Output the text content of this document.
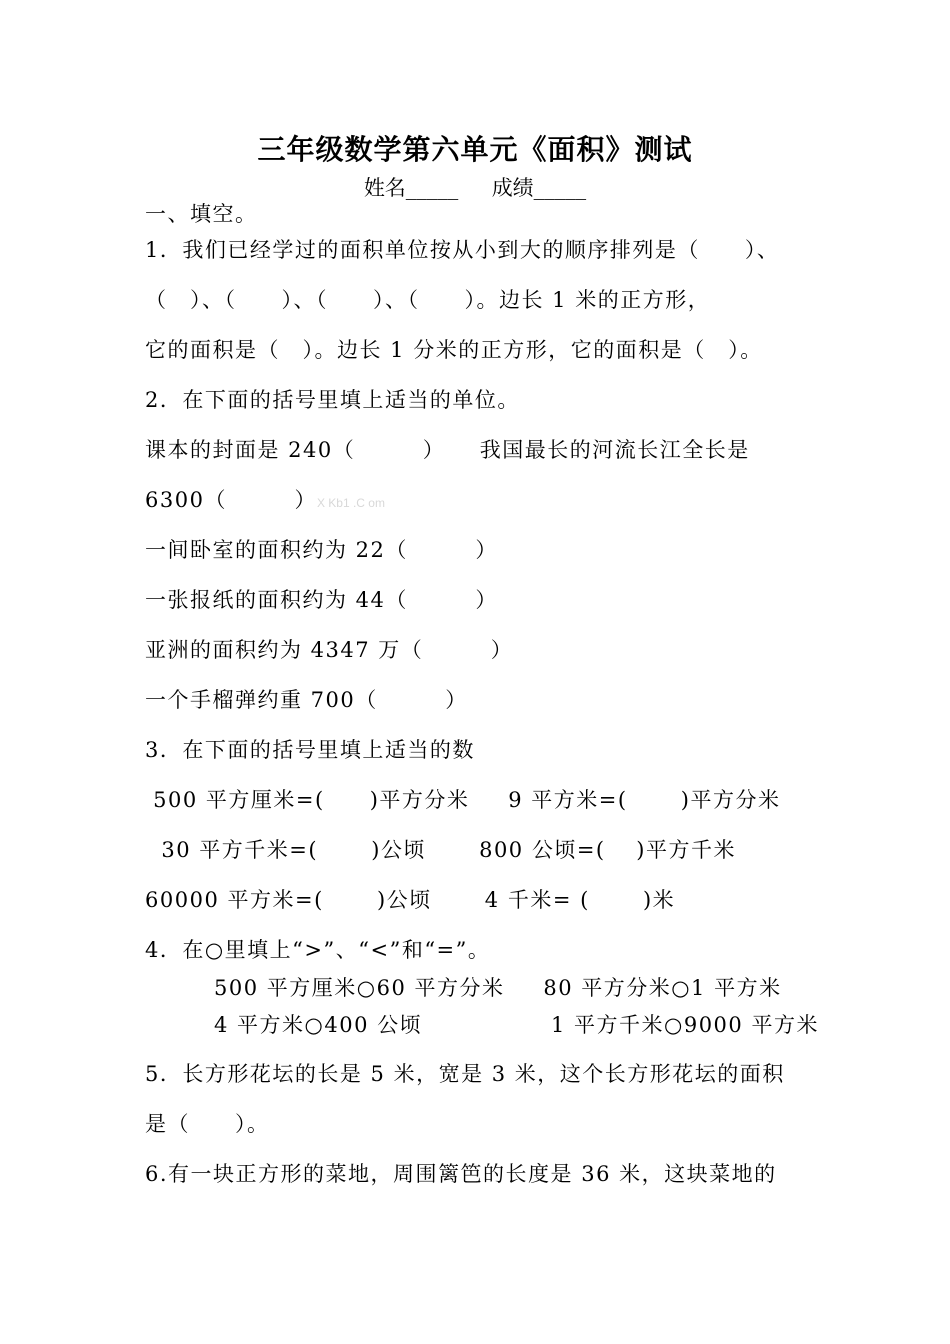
三年级数学第六单元《面积》测试
姓名_____ 成绩_____
一、填空。
1．我们已经学过的面积单位按从小到大的顺序排列是（　　）、
（　）、（　　）、（　　）、（　　）。边长 1 米的正方形，
它的面积是（　）。边长 1 分米的正方形，它的面积是（　）。
2．在下面的括号里填上适当的单位。
课本的封面是 240（　　　）　　我国最长的河流长江全长是
6300（　　　）X Kb1 .C om
一间卧室的面积约为 22（　　　）
一张报纸的面积约为 44（　　　）
亚洲的面积约为 4347 万（　　　）
一个手榴弹约重 700（　　　）
3．在下面的括号里填上适当的数
500 平方厘米=(　　)平方分米　  9 平方米=(　　 )平方分米
30 平方千米=(　　 )公顷　　 800 公顷=(　 )平方千米
60000 平方米=(　　 )公顷　　 4 千米= (　　 )米
4．在○里填上“>”、“<”和“=”。
500 平方厘米○60 平方分米　  80 平方分米○1 平方米
4 平方米○400 公顷　　　　　  1 平方千米○9000 平方米
5．长方形花坛的长是 5 米，宽是 3 米，这个长方形花坛的面积
是（　　）。
6.有一块正方形的菜地，周围篱笆的长度是 36 米，这块菜地的
